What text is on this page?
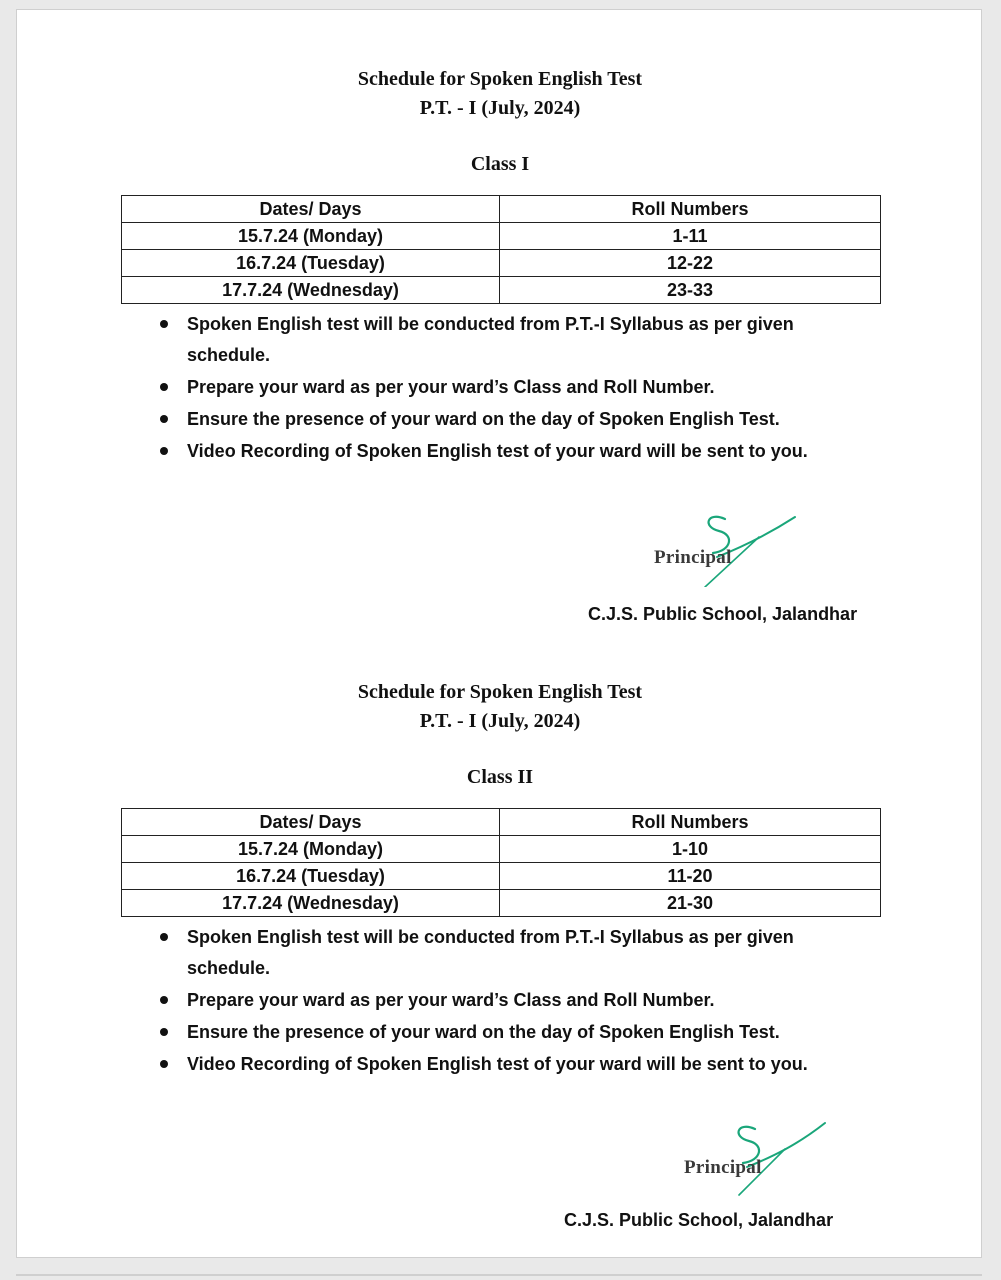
Schedule for Spoken English Test
P.T. - I (July, 2024)
Class I
Dates/ Days	Roll Numbers
15.7.24 (Monday)	1-11
16.7.24 (Tuesday)	12-22
17.7.24 (Wednesday)	23-33
Spoken English test will be conducted from P.T.-I Syllabus as per given schedule.
Prepare your ward as per your ward’s Class and Roll Number.
Ensure the presence of your ward on the day of Spoken English Test.
Video Recording of Spoken English test of your ward will be sent to you.
Schedule for Spoken English Test
P.T. - I (July, 2024)
Class II
Dates/ Days	Roll Numbers
15.7.24 (Monday)	1-10
16.7.24 (Tuesday)	11-20
17.7.24 (Wednesday)	21-30
Spoken English test will be conducted from P.T.-I Syllabus as per given schedule.
Prepare your ward as per your ward’s Class and Roll Number.
Ensure the presence of your ward on the day of Spoken English Test.
Video Recording of Spoken English test of your ward will be sent to you.
Principal
C.J.S. Public School, Jalandhar
Principal
C.J.S. Public School, Jalandhar
